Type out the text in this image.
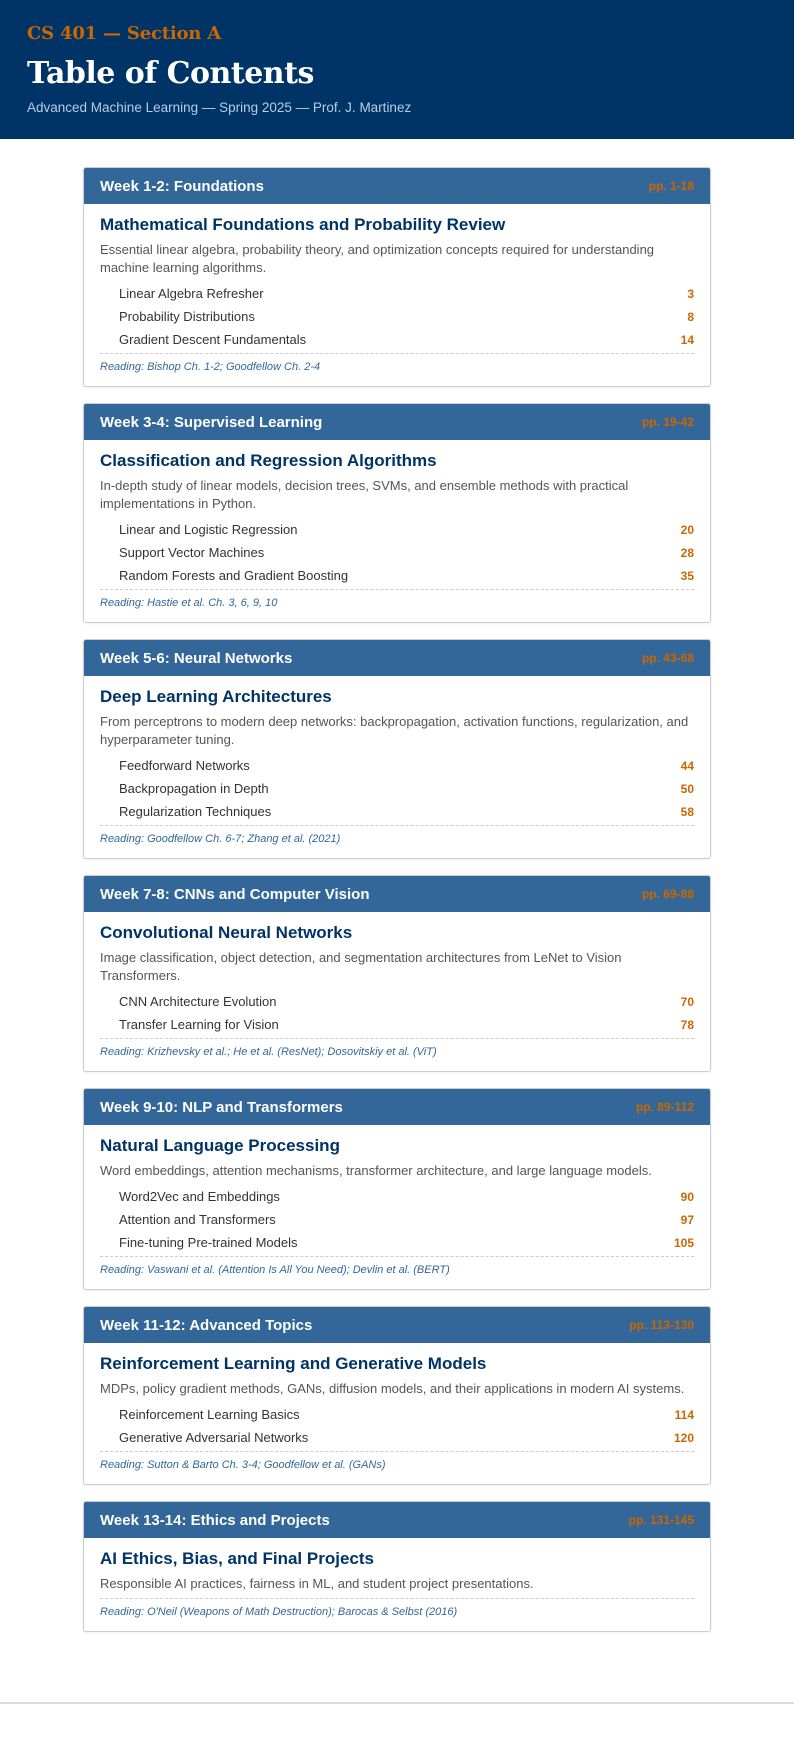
CS 401 — Section A
Table of Contents
Advanced Machine Learning — Spring 2025 — Prof. J. Martinez
Week 1-2: Foundations	pp. 1-18
Mathematical Foundations and Probability Review

Essential linear algebra, probability theory, and optimization concepts required for understanding machine learning algorithms.

Linear Algebra Refresher	3
Probability Distributions	8
Gradient Descent Fundamentals	14
Reading: Bishop Ch. 1-2; Goodfellow Ch. 2-4
Week 3-4: Supervised Learning	pp. 19-42
Classification and Regression Algorithms

In-depth study of linear models, decision trees, SVMs, and ensemble methods with practical implementations in Python.

Linear and Logistic Regression	20
Support Vector Machines	28
Random Forests and Gradient Boosting	35
Reading: Hastie et al. Ch. 3, 6, 9, 10
Week 5-6: Neural Networks	pp. 43-68
Deep Learning Architectures

From perceptrons to modern deep networks: backpropagation, activation functions, regularization, and hyperparameter tuning.

Feedforward Networks	44
Backpropagation in Depth	50
Regularization Techniques	58
Reading: Goodfellow Ch. 6-7; Zhang et al. (2021)
Week 7-8: CNNs and Computer Vision	pp. 69-88
Convolutional Neural Networks

Image classification, object detection, and segmentation architectures from LeNet to Vision Transformers.

CNN Architecture Evolution	70
Transfer Learning for Vision	78
Reading: Krizhevsky et al.; He et al. (ResNet); Dosovitskiy et al. (ViT)
Week 9-10: NLP and Transformers	pp. 89-112
Natural Language Processing

Word embeddings, attention mechanisms, transformer architecture, and large language models.

Word2Vec and Embeddings	90
Attention and Transformers	97
Fine-tuning Pre-trained Models	105
Reading: Vaswani et al. (Attention Is All You Need); Devlin et al. (BERT)
Week 11-12: Advanced Topics	pp. 113-130
Reinforcement Learning and Generative Models

MDPs, policy gradient methods, GANs, diffusion models, and their applications in modern AI systems.

Reinforcement Learning Basics	114
Generative Adversarial Networks	120
Reading: Sutton & Barto Ch. 3-4; Goodfellow et al. (GANs)
Week 13-14: Ethics and Projects	pp. 131-145
AI Ethics, Bias, and Final Projects

Responsible AI practices, fairness in ML, and student project presentations.

Reading: O'Neil (Weapons of Math Destruction); Barocas & Selbst (2016)
